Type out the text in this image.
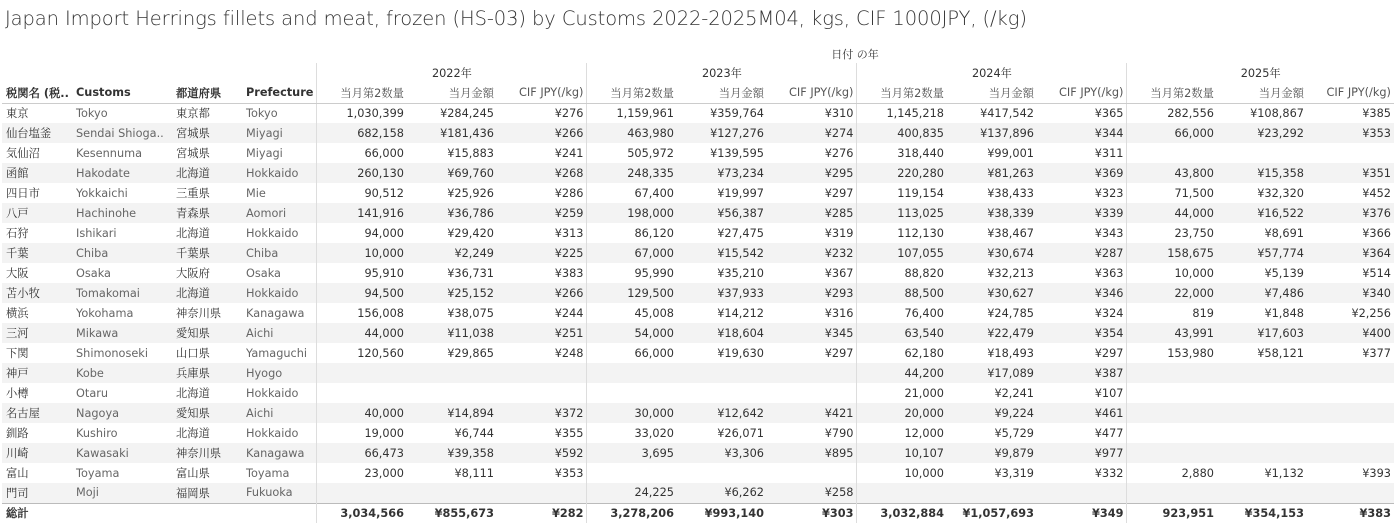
Japan Import Herrings fillets and meat, frozen (HS-03) by Customs 2022-2025M04, kgs, CIF 1000JPY, (/kg)
日付 の年
				2022年			2023年			2024年			2025年		
税関名 (税..	Customs	都道府県	Prefecture	当月第2数量	当月金額	CIF JPY(/kg)	当月第2数量	当月金額	CIF JPY(/kg)	当月第2数量	当月金額	CIF JPY(/kg)	当月第2数量	当月金額	CIF JPY(/kg)
東京	Tokyo	東京都	Tokyo	1,030,399	¥284,245	¥276	1,159,961	¥359,764	¥310	1,145,218	¥417,542	¥365	282,556	¥108,867	¥385
仙台塩釜	Sendai Shioga..	宮城県	Miyagi	682,158	¥181,436	¥266	463,980	¥127,276	¥274	400,835	¥137,896	¥344	66,000	¥23,292	¥353
気仙沼	Kesennuma	宮城県	Miyagi	66,000	¥15,883	¥241	505,972	¥139,595	¥276	318,440	¥99,001	¥311			
函館	Hakodate	北海道	Hokkaido	260,130	¥69,760	¥268	248,335	¥73,234	¥295	220,280	¥81,263	¥369	43,800	¥15,358	¥351
四日市	Yokkaichi	三重県	Mie	90,512	¥25,926	¥286	67,400	¥19,997	¥297	119,154	¥38,433	¥323	71,500	¥32,320	¥452
八戸	Hachinohe	青森県	Aomori	141,916	¥36,786	¥259	198,000	¥56,387	¥285	113,025	¥38,339	¥339	44,000	¥16,522	¥376
石狩	Ishikari	北海道	Hokkaido	94,000	¥29,420	¥313	86,120	¥27,475	¥319	112,130	¥38,467	¥343	23,750	¥8,691	¥366
千葉	Chiba	千葉県	Chiba	10,000	¥2,249	¥225	67,000	¥15,542	¥232	107,055	¥30,674	¥287	158,675	¥57,774	¥364
大阪	Osaka	大阪府	Osaka	95,910	¥36,731	¥383	95,990	¥35,210	¥367	88,820	¥32,213	¥363	10,000	¥5,139	¥514
苫小牧	Tomakomai	北海道	Hokkaido	94,500	¥25,152	¥266	129,500	¥37,933	¥293	88,500	¥30,627	¥346	22,000	¥7,486	¥340
横浜	Yokohama	神奈川県	Kanagawa	156,008	¥38,075	¥244	45,008	¥14,212	¥316	76,400	¥24,785	¥324	819	¥1,848	¥2,256
三河	Mikawa	愛知県	Aichi	44,000	¥11,038	¥251	54,000	¥18,604	¥345	63,540	¥22,479	¥354	43,991	¥17,603	¥400
下関	Shimonoseki	山口県	Yamaguchi	120,560	¥29,865	¥248	66,000	¥19,630	¥297	62,180	¥18,493	¥297	153,980	¥58,121	¥377
神戸	Kobe	兵庫県	Hyogo							44,200	¥17,089	¥387			
小樽	Otaru	北海道	Hokkaido							21,000	¥2,241	¥107			
名古屋	Nagoya	愛知県	Aichi	40,000	¥14,894	¥372	30,000	¥12,642	¥421	20,000	¥9,224	¥461			
釧路	Kushiro	北海道	Hokkaido	19,000	¥6,744	¥355	33,020	¥26,071	¥790	12,000	¥5,729	¥477			
川崎	Kawasaki	神奈川県	Kanagawa	66,473	¥39,358	¥592	3,695	¥3,306	¥895	10,107	¥9,879	¥977			
富山	Toyama	富山県	Toyama	23,000	¥8,111	¥353				10,000	¥3,319	¥332	2,880	¥1,132	¥393
門司	Moji	福岡県	Fukuoka				24,225	¥6,262	¥258						
総計				3,034,566	¥855,673	¥282	3,278,206	¥993,140	¥303	3,032,884	¥1,057,693	¥349	923,951	¥354,153	¥383
